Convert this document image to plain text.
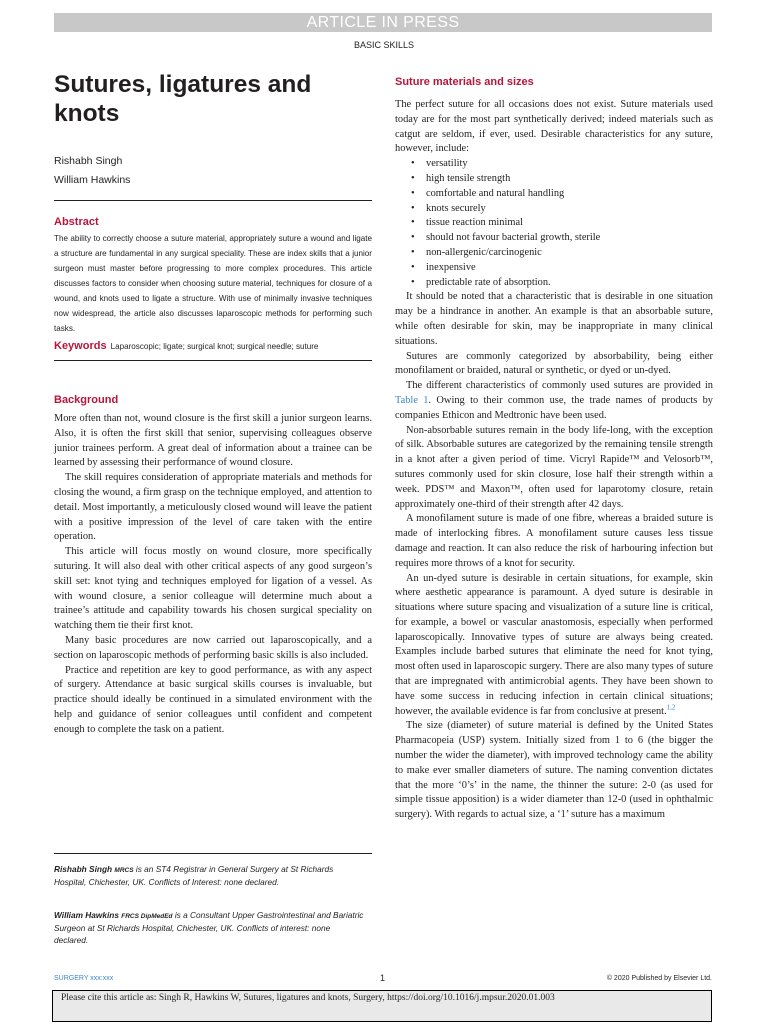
ARTICLE IN PRESS
BASIC SKILLS
Sutures, ligatures and
knots
Rishabh Singh
William Hawkins
Abstract

The ability to correctly choose a suture material, appropriately suture a wound and ligate a structure are fundamental in any surgical speciality. These are index skills that a junior surgeon must master before progressing to more complex procedures. This article discusses factors to consider when choosing suture material, techniques for closure of a wound, and knots used to ligate a structure. With use of minimally invasive techniques now widespread, the article also discusses laparoscopic methods for performing such tasks.

Keywords Laparoscopic; ligate; surgical knot; surgical needle; suture
Background

More often than not, wound closure is the first skill a junior surgeon learns. Also, it is often the first skill that senior, supervising colleagues observe junior trainees perform. A great deal of information about a trainee can be learned by assessing their performance of wound closure.

The skill requires consideration of appropriate materials and methods for closing the wound, a firm grasp on the technique employed, and attention to detail. Most importantly, a meticulously closed wound will leave the patient with a positive impression of the level of care taken with the entire operation.

This article will focus mostly on wound closure, more specifically suturing. It will also deal with other critical aspects of any good surgeon’s skill set: knot tying and techniques employed for ligation of a vessel. As with wound closure, a senior colleague will determine much about a trainee’s attitude and capability towards his chosen surgical speciality on watching them tie their first knot.

Many basic procedures are now carried out laparoscopically, and a section on laparoscopic methods of performing basic skills is also included.

Practice and repetition are key to good performance, as with any aspect of surgery. Attendance at basic surgical skills courses is invaluable, but practice should ideally be continued in a simulated environment with the help and guidance of senior colleagues until confident and competent enough to complete the task on a patient.

Rishabh Singh MRCS is an ST4 Registrar in General Surgery at St Richards Hospital, Chichester, UK. Conflicts of Interest: none declared.
William Hawkins FRCS DipMedEd is a Consultant Upper Gastrointestinal and Bariatric Surgeon at St Richards Hospital, Chichester, UK. Conflicts of interest: none declared.
Suture materials and sizes

The perfect suture for all occasions does not exist. Suture materials used today are for the most part synthetically derived; indeed materials such as catgut are seldom, if ever, used. Desirable characteristics for any suture, however, include:

• versatility
• high tensile strength
• comfortable and natural handling
• knots securely
• tissue reaction minimal
• should not favour bacterial growth, sterile
• non-allergenic/carcinogenic
• inexpensive
• predictable rate of absorption.

It should be noted that a characteristic that is desirable in one situation may be a hindrance in another. An example is that an absorbable suture, while often desirable for skin, may be inappropriate in many clinical situations.

Sutures are commonly categorized by absorbability, being either monofilament or braided, natural or synthetic, or dyed or un-dyed.

The different characteristics of commonly used sutures are provided in Table 1. Owing to their common use, the trade names of products by companies Ethicon and Medtronic have been used.

Non-absorbable sutures remain in the body life-long, with the exception of silk. Absorbable sutures are categorized by the remaining tensile strength in a knot after a given period of time. Vicryl Rapide™ and Velosorb™, sutures commonly used for skin closure, lose half their strength within a week. PDS™ and Maxon™, often used for laparotomy closure, retain approximately one-third of their strength after 42 days.

A monofilament suture is made of one fibre, whereas a braided suture is made of interlocking fibres. A monofilament suture causes less tissue damage and reaction. It can also reduce the risk of harbouring infection but requires more throws of a knot for security.

An un-dyed suture is desirable in certain situations, for example, skin where aesthetic appearance is paramount. A dyed suture is desirable in situations where suture spacing and visualization of a suture line is critical, for example, a bowel or vascular anastomosis, especially when performed laparoscopically. Innovative types of suture are always being created. Examples include barbed sutures that eliminate the need for knot tying, most often used in laparoscopic surgery. There are also many types of suture that are impregnated with antimicrobial agents. They have been shown to have some success in reducing infection in certain clinical situations; however, the available evidence is far from conclusive at present.$^{1,2}$

The size (diameter) of suture material is defined by the United States Pharmacopeia (USP) system. Initially sized from 1 to 6 (the bigger the number the wider the diameter), with improved technology came the ability to make ever smaller diameters of suture. The naming convention dictates that the more ‘0’s’ in the name, the thinner the suture: 2-0 (as used for simple tissue apposition) is a wider diameter than 12-0 (used in ophthalmic surgery). With regards to actual size, a ‘1’ suture has a maximum

SURGERY xxx:xxx	1	© 2020 Published by Elsevier Ltd.
Please cite this article as: Singh R, Hawkins W, Sutures, ligatures and knots, Surgery, https://doi.org/10.1016/j.mpsur.2020.01.003
